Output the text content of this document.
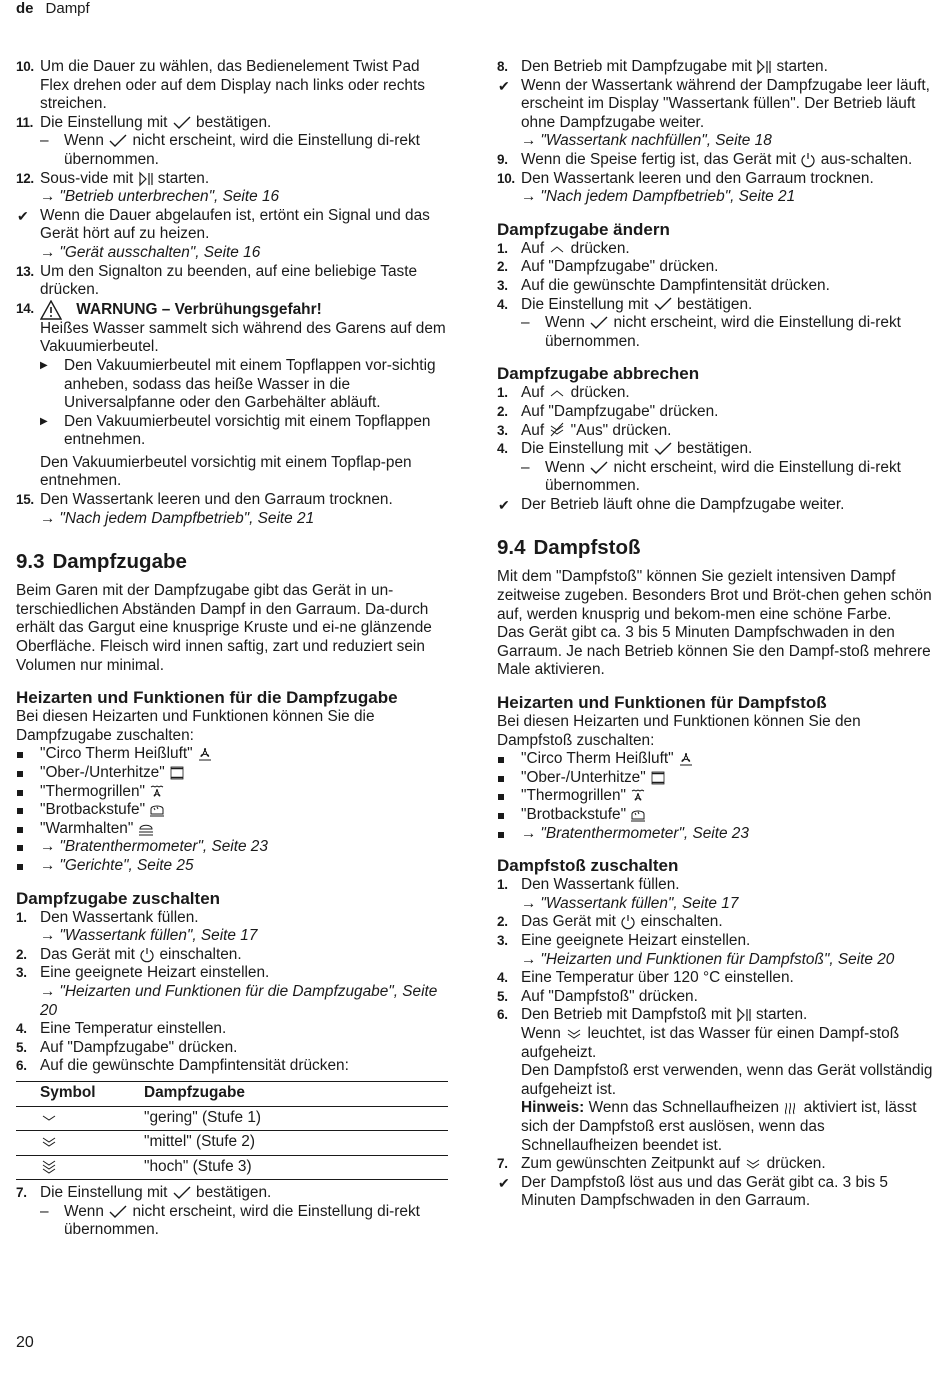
de Dampf
10. Um die Dauer zu wählen, das Bedienelement Twist Pad Flex drehen oder auf dem Display nach links oder rechts streichen.
11. Die Einstellung mit bestätigen.
– Wenn nicht erscheint, wird die Einstellung di-rekt übernommen.
12. Sous-vide mit starten.
→ "Betrieb unterbrechen", Seite 16
✔ Wenn die Dauer abgelaufen ist, ertönt ein Signal und das Gerät hört auf zu heizen.
→ "Gerät ausschalten", Seite 16
13. Um den Signalton zu beenden, auf eine beliebige Taste drücken.
14.	WARNUNG – Verbrühungsgefahr!
Heißes Wasser sammelt sich während des Garens auf dem Vakuumierbeutel.
▶ Den Vakuumierbeutel mit einem Topflappen vor-sichtig anheben, sodass das heiße Wasser in die Universalpfanne oder den Garbehälter abläuft.
▶ Den Vakuumierbeutel vorsichtig mit einem Topflappen entnehmen.
Den Vakuumierbeutel vorsichtig mit einem Topflap-pen entnehmen.
15. Den Wassertank leeren und den Garraum trocknen.
→ "Nach jedem Dampfbetrieb", Seite 21
9.3 Dampfzugabe
Beim Garen mit der Dampfzugabe gibt das Gerät in un-terschiedlichen Abständen Dampf in den Garraum. Da-durch erhält das Gargut eine knusprige Kruste und ei-ne glänzende Oberfläche. Fleisch wird innen saftig, zart und reduziert sein Volumen nur minimal.
Heizarten und Funktionen für die Dampfzugabe
Bei diesen Heizarten und Funktionen können Sie die Dampfzugabe zuschalten:
"Circo Therm Heißluft"
"Ober-/Unterhitze"
"Thermogrillen"
"Brotbackstufe"
"Warmhalten"
→ "Bratenthermometer", Seite 23
→ "Gerichte", Seite 25
Dampfzugabe zuschalten
1. Den Wassertank füllen.
→ "Wassertank füllen", Seite 17
2. Das Gerät mit einschalten.
3. Eine geeignete Heizart einstellen.
→ "Heizarten und Funktionen für die Dampfzugabe", Seite 20
4. Eine Temperatur einstellen.
5. Auf "Dampfzugabe" drücken.
6. Auf die gewünschte Dampfintensität drücken:
Symbol	Dampfzugabe
	"gering" (Stufe 1)
	"mittel" (Stufe 2)
	"hoch" (Stufe 3)
7. Die Einstellung mit bestätigen.
– Wenn nicht erscheint, wird die Einstellung di-rekt übernommen.
8. Den Betrieb mit Dampfzugabe mit starten.
✔ Wenn der Wassertank während der Dampfzugabe leer läuft, erscheint im Display "Wassertank füllen". Der Betrieb läuft ohne Dampfzugabe weiter.
→ "Wassertank nachfüllen", Seite 18
9. Wenn die Speise fertig ist, das Gerät mit aus-schalten.
10. Den Wassertank leeren und den Garraum trocknen.
→ "Nach jedem Dampfbetrieb", Seite 21
Dampfzugabe ändern
1. Auf drücken.
2. Auf "Dampfzugabe" drücken.
3. Auf die gewünschte Dampfintensität drücken.
4. Die Einstellung mit bestätigen.
– Wenn nicht erscheint, wird die Einstellung di-rekt übernommen.
Dampfzugabe abbrechen
1. Auf drücken.
2. Auf "Dampfzugabe" drücken.
3. Auf "Aus" drücken.
4. Die Einstellung mit bestätigen.
– Wenn nicht erscheint, wird die Einstellung di-rekt übernommen.
✔ Der Betrieb läuft ohne die Dampfzugabe weiter.
9.4 Dampfstoß
Mit dem "Dampfstoß" können Sie gezielt intensiven Dampf zeitweise zugeben. Besonders Brot und Bröt-chen gehen schön auf, werden knusprig und bekom-men eine schöne Farbe.
Das Gerät gibt ca. 3 bis 5 Minuten Dampfschwaden in den Garraum. Je nach Betrieb können Sie den Dampf-stoß mehrere Male aktivieren.
Heizarten und Funktionen für Dampfstoß
Bei diesen Heizarten und Funktionen können Sie den Dampfstoß zuschalten:
"Circo Therm Heißluft"
"Ober-/Unterhitze"
"Thermogrillen"
"Brotbackstufe"
→ "Bratenthermometer", Seite 23
Dampfstoß zuschalten
1. Den Wassertank füllen.
→ "Wassertank füllen", Seite 17
2. Das Gerät mit einschalten.
3. Eine geeignete Heizart einstellen.
→ "Heizarten und Funktionen für Dampfstoß", Seite 20
4. Eine Temperatur über 120 °C einstellen.
5. Auf "Dampfstoß" drücken.
6. Den Betrieb mit Dampfstoß mit starten.
Wenn leuchtet, ist das Wasser für einen Dampf-stoß aufgeheizt.
Den Dampfstoß erst verwenden, wenn das Gerät vollständig aufgeheizt ist.
Hinweis: Wenn das Schnellaufheizen aktiviert ist, lässt sich der Dampfstoß erst auslösen, wenn das Schnellaufheizen beendet ist.
7. Zum gewünschten Zeitpunkt auf drücken.
✔ Der Dampfstoß löst aus und das Gerät gibt ca. 3 bis 5 Minuten Dampfschwaden in den Garraum.
20
